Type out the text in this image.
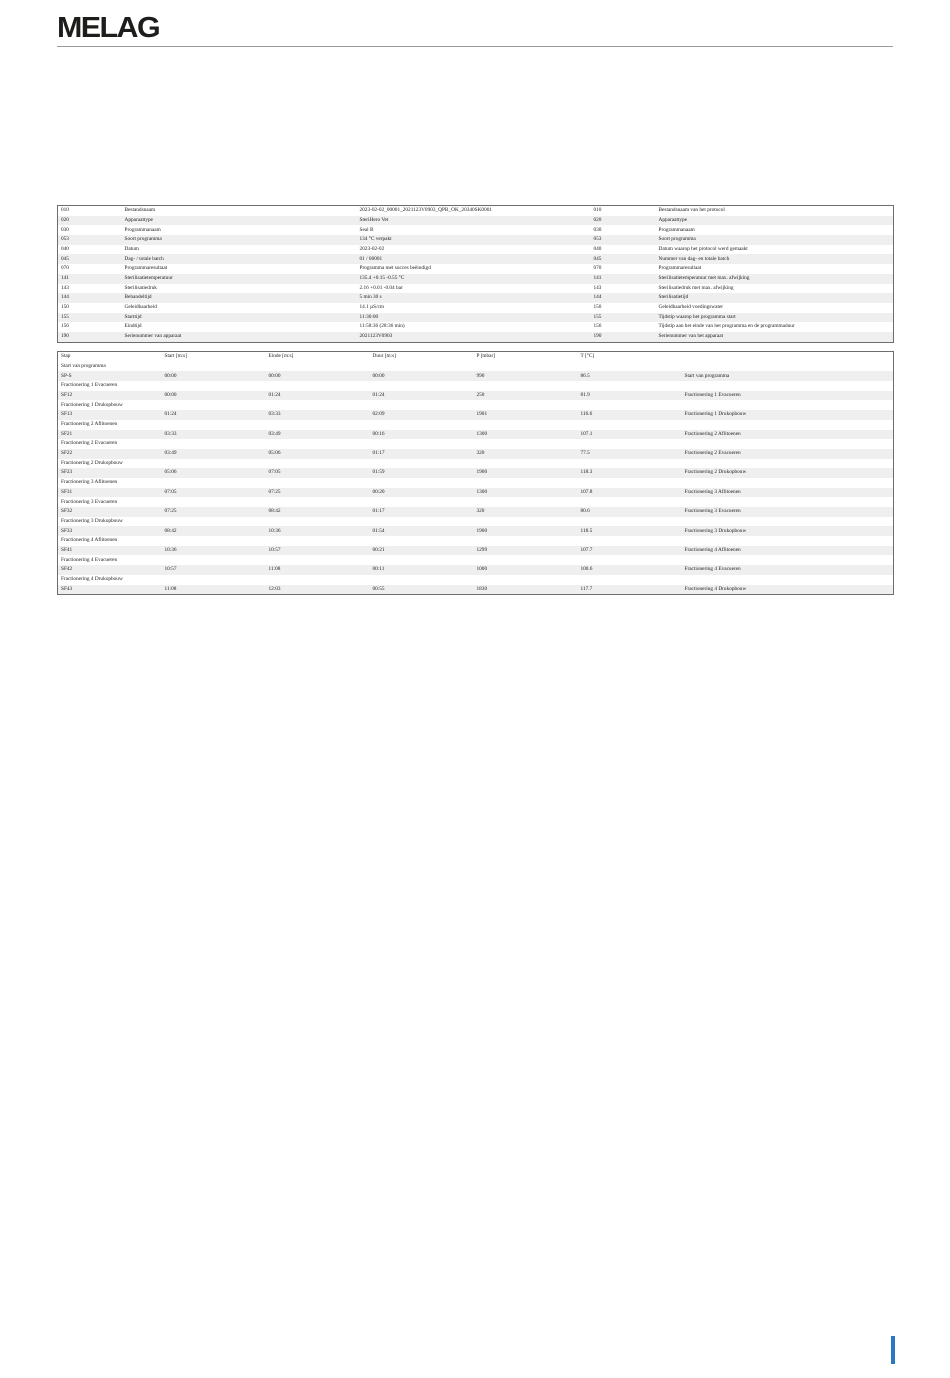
MELAG
010	Bestandsnaam	2023-02-02_00001_2021123V0903_QPB_OK_20340SK0001	010	Bestandsnaam van het protocol
020	Apparaattype	SteriHero Vet	020	Apparaattype
030	Programmanaam	Seal B	030	Programmanaam
053	Soort programma	134 °C verpakt	053	Soort programma
040	Datum	2023-02-02	040	Datum waarop het protocol werd gemaakt
045	Dag- / totale batch	01 / 00001	045	Nummer van dag- en totale batch
070	Programmaresultaat	Programma met succes beëindigd	070	Programmaresultaat
141	Sterilisatietemperatuur	135.4 +0.15 -0.55 °C	141	Sterilisatietemperatuur met max. afwijking
143	Sterilisatiedruk	2.16 +0.01 -0.04 bar	143	Sterilisatiedruk met max. afwijking
144	Behandeltijd	5 min 30 s	144	Sterilisatietijd
150	Geleidbaarheid	14.1 µS/cm	150	Geleidbaarheid voedingswater
155	Starttijd	11:30:00	155	Tijdstip waarop het programma start
156	Eindtijd	11:58:36 (28:36 min)	156	Tijdstip aan het einde van het programma en de programmaduur
190	Serienummer van apparaat	2021123V0903	190	Serienummer van het apparaat
Stap	Start [m:s]	Einde [m:s]	Duur [m:s]	P [mbar]	T [°C]	
Start van programma						
SP-S	00:00	00:00	00:00	990	86.5	Start van programma
Fractionering 1 Evacueren						
SF12	00:00	01:24	01:24	250	81.9	Fractionering 1 Evacueren
Fractionering 1 Drukopbouw						
SF13	01:24	03:33	02:09	1901	116.6	Fractionering 1 Drukopbouw
Fractionering 2 Aflitoenen						
SF21	03:33	03:49	00:16	1300	107.1	Fractionering 2 Aflitoenen
Fractionering 2 Evacueren						
SF22	03:49	05:06	01:17	320	77.5	Fractionering 2 Evacueren
Fractionering 2 Drukopbouw						
SF23	05:06	07:05	01:59	1900	118.3	Fractionering 2 Drukopbouw
Fractionering 3 Aflitoenen						
SF31	07:05	07:25	00:20	1300	107.8	Fractionering 3 Aflitoenen
Fractionering 3 Evacueren						
SF32	07:25	08:42	01:17	320	80.6	Fractionering 3 Evacueren
Fractionering 3 Drukopbouw						
SF33	08:42	10:36	01:54	1900	118.5	Fractionering 3 Drukopbouw
Fractionering 4 Aflitoenen						
SF41	10:36	10:57	00:21	1299	107.7	Fractionering 4 Aflitoenen
Fractionering 4 Evacueren						
SF42	10:57	11:08	00:11	1000	100.6	Fractionering 4 Evacueren
Fractionering 4 Drukopbouw						
SF43	11:08	12:03	00:55	1830	117.7	Fractionering 4 Drukopbouw
